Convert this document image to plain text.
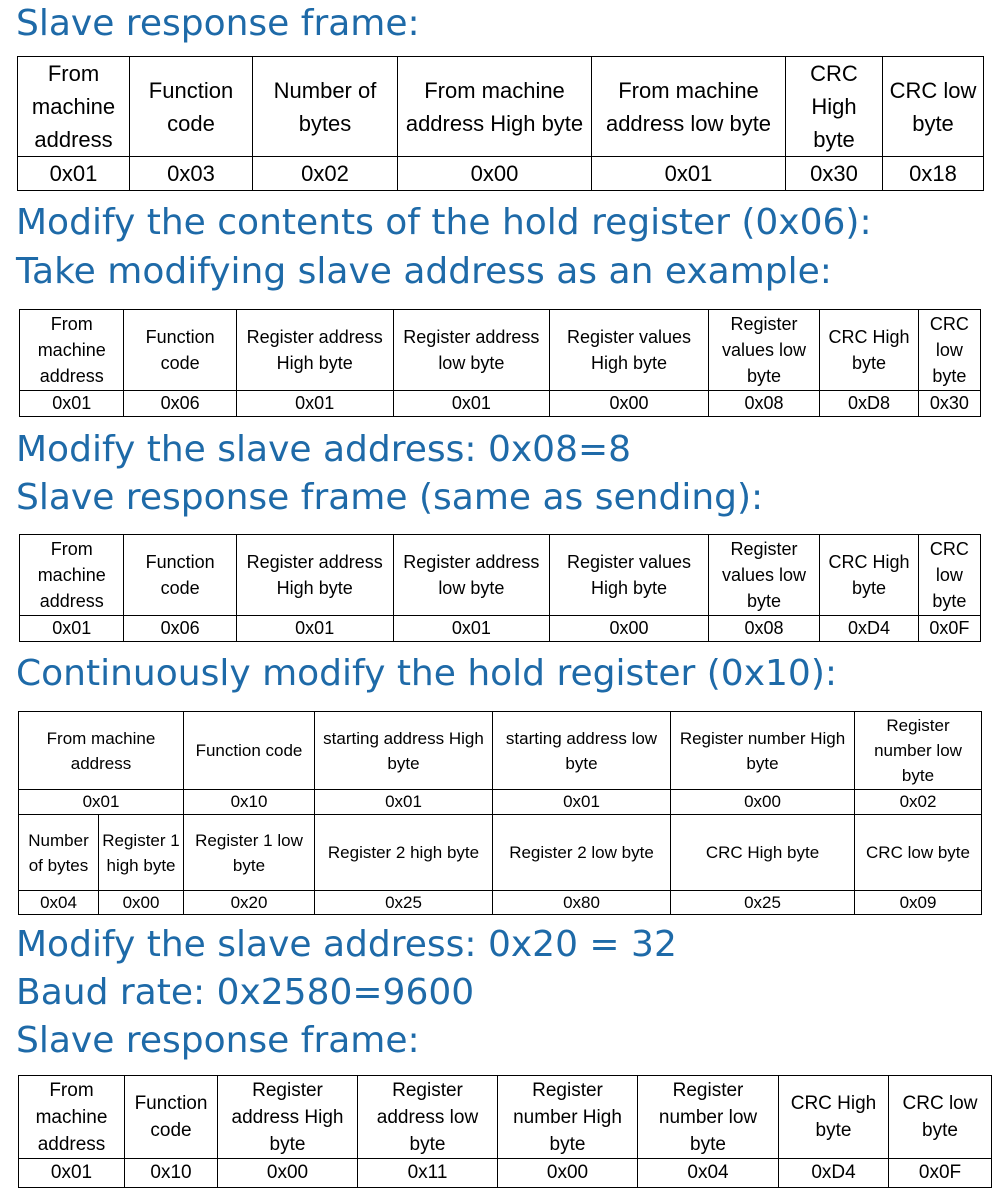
Slave response frame:
From machine address	Function code	Number of bytes	From machine address High byte	From machine address low byte	CRC High byte	CRC low byte
0x01	0x03	0x02	0x00	0x01	0x30	0x18
Modify the contents of the hold register (0x06):
Take modifying slave address as an example:
From machine address	Function code	Register address High byte	Register address low byte	Register values High byte	Register values low byte	CRC High byte	CRC low byte
0x01	0x06	0x01	0x01	0x00	0x08	0xD8	0x30
Modify the slave address: 0x08=8
Slave response frame (same as sending):
From machine address	Function code	Register address High byte	Register address low byte	Register values High byte	Register values low byte	CRC High byte	CRC low byte
0x01	0x06	0x01	0x01	0x00	0x08	0xD4	0x0F
Continuously modify the hold register (0x10):
From machine address		Function code	starting address High byte	starting address low byte	Register number High byte	Register number low byte
0x01		0x10	0x01	0x01	0x00	0x02
Number of bytes	Register 1 high byte	Register 1 low byte	Register 2 high byte	Register 2 low byte	CRC High byte	CRC low byte
0x04	0x00	0x20	0x25	0x80	0x25	0x09
Modify the slave address: 0x20 = 32
Baud rate: 0x2580=9600
Slave response frame:
From machine address	Function code	Register address High byte	Register address low byte	Register number High byte	Register number low byte	CRC High byte	CRC low byte
0x01	0x10	0x00	0x11	0x00	0x04	0xD4	0x0F
